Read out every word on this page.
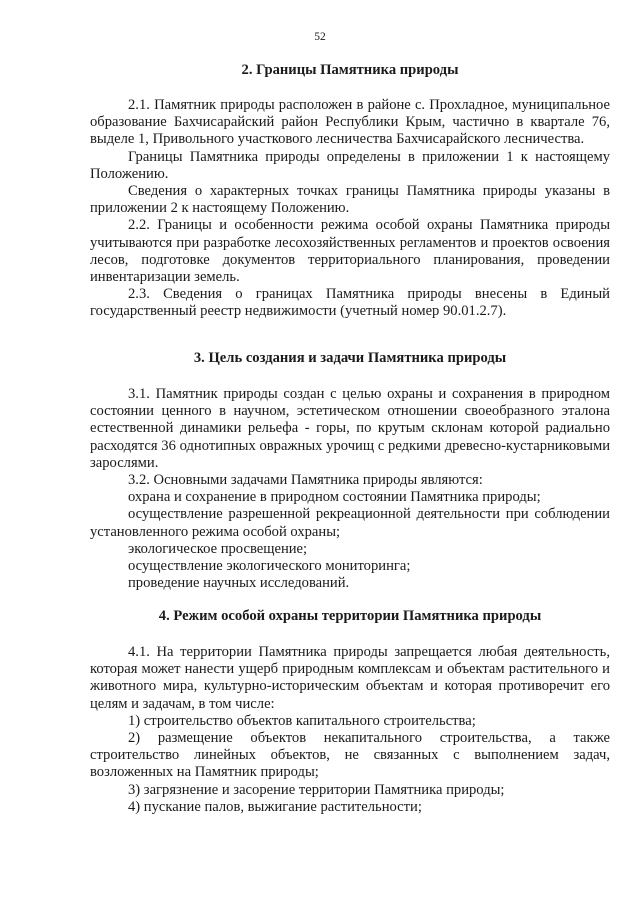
52

2. Границы Памятника природы

2.1. Памятник природы расположен в районе с. Прохладное, муниципальное образование Бахчисарайский район Республики Крым, частично в квартале 76, выделе 1, Привольного участкового лесничества Бахчисарайского лесничества.

Границы Памятника природы определены в приложении 1 к настоящему Положению.

Сведения о характерных точках границы Памятника природы указаны в приложении 2 к настоящему Положению.

2.2. Границы и особенности режима особой охраны Памятника природы учитываются при разработке лесохозяйственных регламентов и проектов освоения лесов, подготовке документов территориального планирования, проведении инвентаризации земель.

2.3. Сведения о границах Памятника природы внесены в Единый государственный реестр недвижимости (учетный номер 90.01.2.7).

3. Цель создания и задачи Памятника природы

3.1. Памятник природы создан с целью охраны и сохранения в природном состоянии ценного в научном, эстетическом отношении своеобразного эталона естественной динамики рельефа - горы, по крутым склонам которой радиально расходятся 36 однотипных овражных урочищ с редкими древесно-кустарниковыми зарослями.

3.2. Основными задачами Памятника природы являются:

охрана и сохранение в природном состоянии Памятника природы;

осуществление разрешенной рекреационной деятельности при соблюдении установленного режима особой охраны;

экологическое просвещение;

осуществление экологического мониторинга;

проведение научных исследований.

4. Режим особой охраны территории Памятника природы

4.1. На территории Памятника природы запрещается любая деятельность, которая может нанести ущерб природным комплексам и объектам растительного и животного мира, культурно-историческим объектам и которая противоречит его целям и задачам, в том числе:

1) строительство объектов капитального строительства;

2) размещение объектов некапитального строительства, а также строительство линейных объектов, не связанных с выполнением задач, возложенных на Памятник природы;

3) загрязнение и засорение территории Памятника природы;

4) пускание палов, выжигание растительности;
